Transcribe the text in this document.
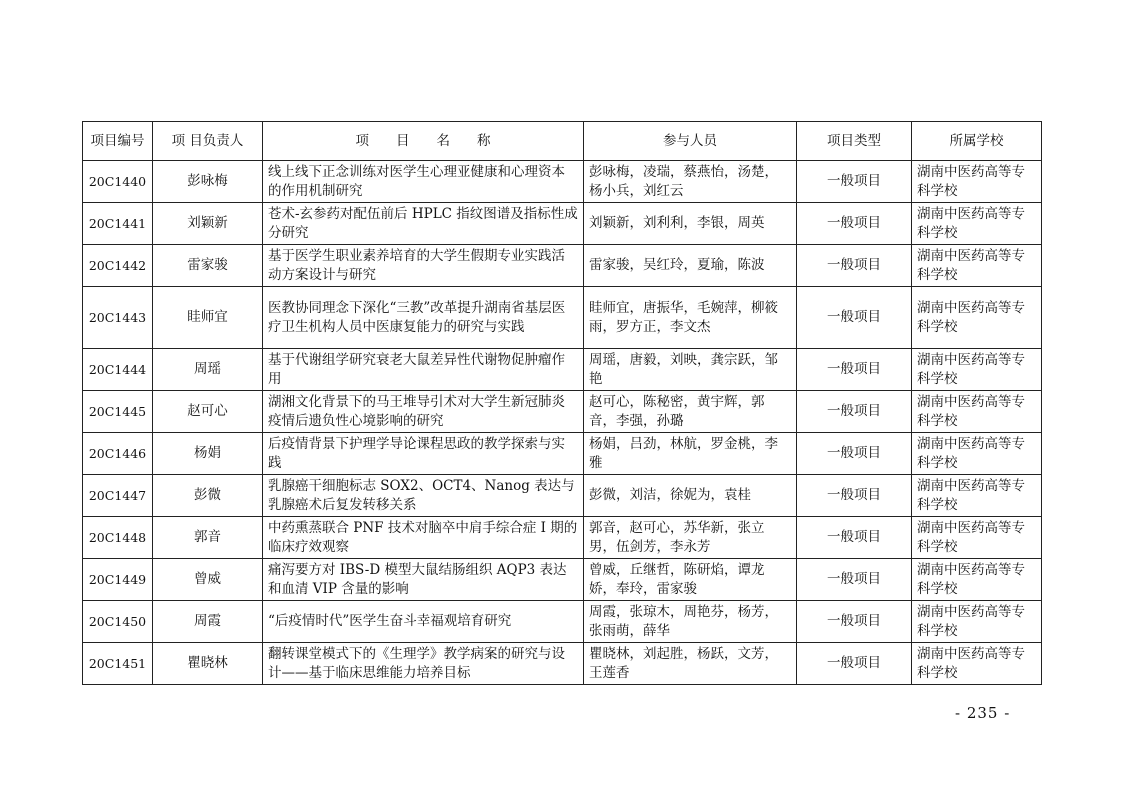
项目编号	项 目负责人	项　　目　　名　　称	参与人员	项目类型	所属学校
20C1440	彭咏梅	线上线下正念训练对医学生心理亚健康和心理资本的作用机制研究	彭咏梅，凌瑞，蔡燕怡，汤楚，杨小兵，刘红云	一般项目	湖南中医药高等专科学校
20C1441	刘颖新	苍术-玄参药对配伍前后 HPLC 指纹图谱及指标性成分研究	刘颖新，刘利利，李银，周英	一般项目	湖南中医药高等专科学校
20C1442	雷家骏	基于医学生职业素养培育的大学生假期专业实践活动方案设计与研究	雷家骏，吴红玲，夏瑜，陈波	一般项目	湖南中医药高等专科学校
20C1443	眭师宜	医教协同理念下深化“三教”改革提升湖南省基层医疗卫生机构人员中医康复能力的研究与实践	眭师宜，唐振华，毛婉萍，柳筱雨，罗方正，李文杰	一般项目	湖南中医药高等专科学校
20C1444	周瑶	基于代谢组学研究衰老大鼠差异性代谢物促肿瘤作用	周瑶，唐毅，刘映，龚宗跃，邹艳	一般项目	湖南中医药高等专科学校
20C1445	赵可心	湖湘文化背景下的马王堆导引术对大学生新冠肺炎疫情后遗负性心境影响的研究	赵可心，陈秘密，黄宇辉，郭音，李强，孙璐	一般项目	湖南中医药高等专科学校
20C1446	杨娟	后疫情背景下护理学导论课程思政的教学探索与实践	杨娟，吕劲，林航，罗金桃，李雅	一般项目	湖南中医药高等专科学校
20C1447	彭微	乳腺癌干细胞标志 SOX2、OCT4、Nanog 表达与乳腺癌术后复发转移关系	彭微，刘洁，徐妮为，袁桂	一般项目	湖南中医药高等专科学校
20C1448	郭音	中药熏蒸联合 PNF 技术对脑卒中肩手综合症 I 期的临床疗效观察	郭音，赵可心，苏华新，张立男，伍剑芳，李永芳	一般项目	湖南中医药高等专科学校
20C1449	曾威	痛泻要方对 IBS-D 模型大鼠结肠组织 AQP3 表达和血清 VIP 含量的影响	曾威，丘继哲，陈研焰，谭龙娇，奉玲，雷家骏	一般项目	湖南中医药高等专科学校
20C1450	周霞	“后疫情时代”医学生奋斗幸福观培育研究	周霞，张琼木，周艳芬，杨芳，张雨萌，薛华	一般项目	湖南中医药高等专科学校
20C1451	瞿晓林	翻转课堂模式下的《生理学》教学病案的研究与设计——基于临床思维能力培养目标	瞿晓林，刘起胜，杨跃，文芳，王莲香	一般项目	湖南中医药高等专科学校
- 235 -
